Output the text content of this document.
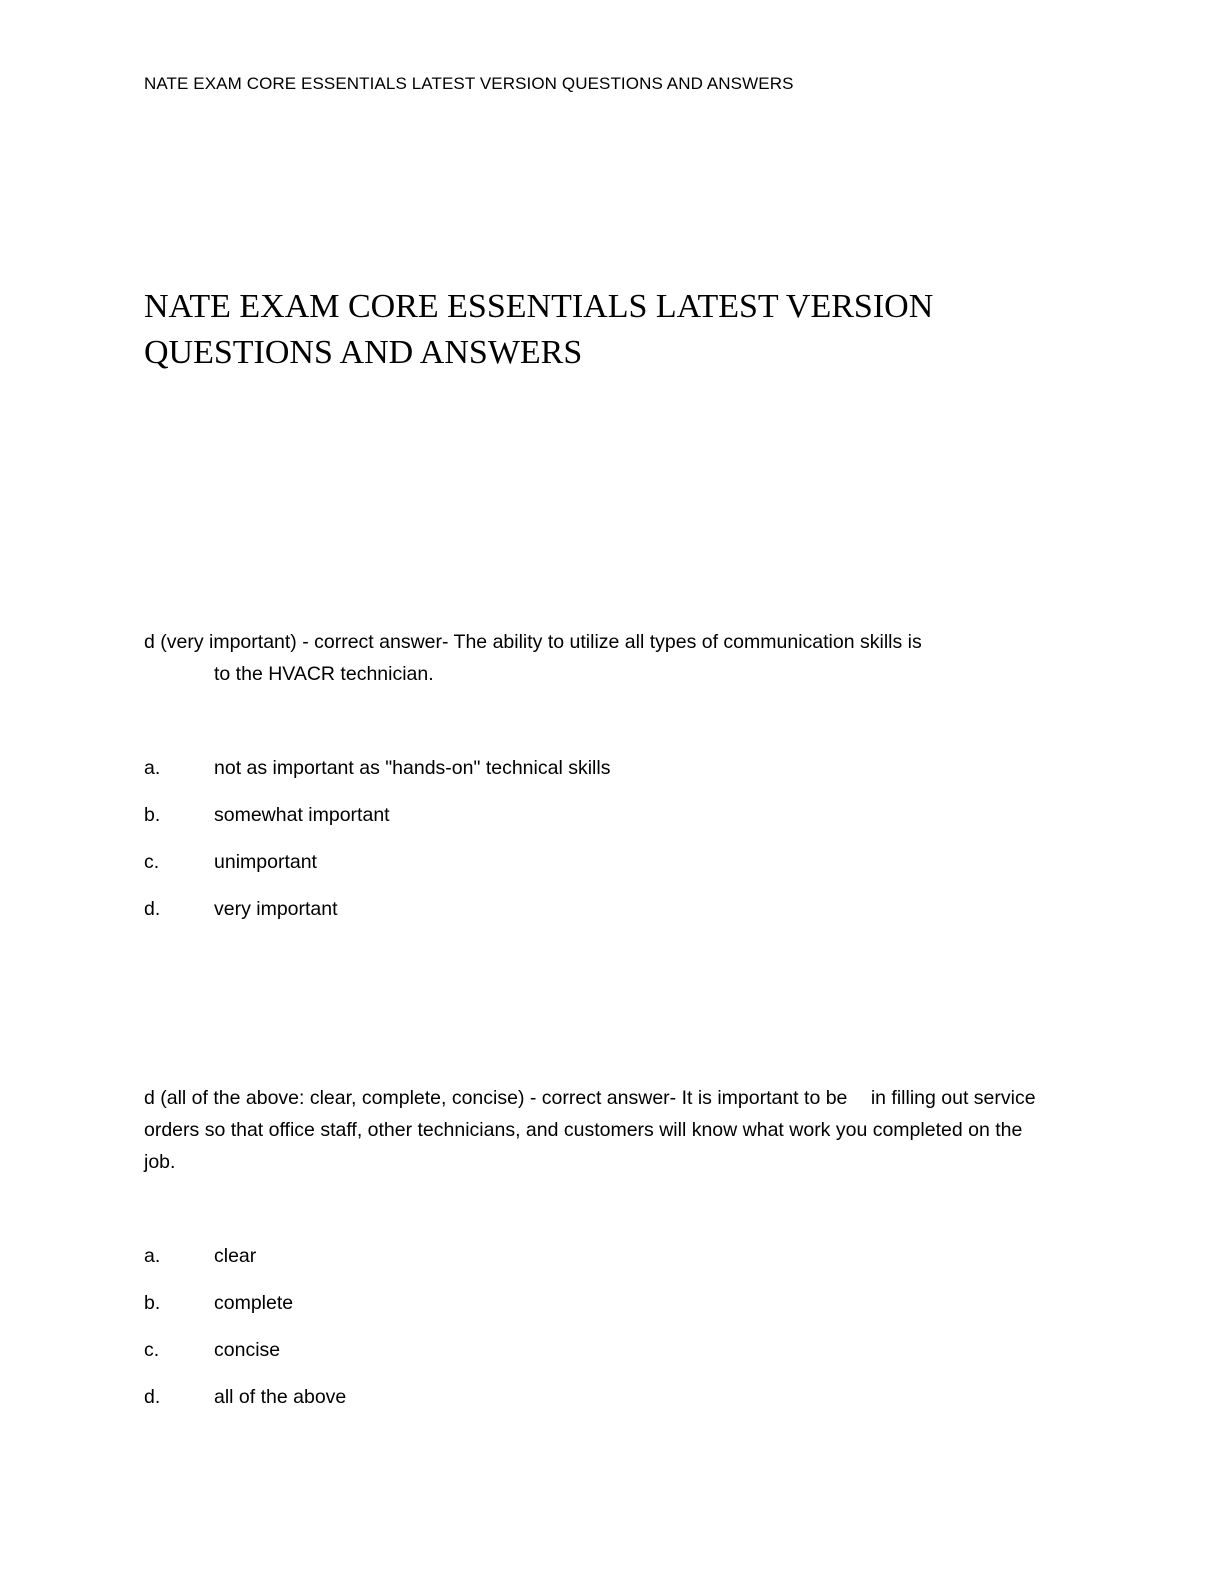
NATE EXAM CORE ESSENTIALS LATEST VERSION QUESTIONS AND ANSWERS
NATE EXAM CORE ESSENTIALS LATEST VERSION
QUESTIONS AND ANSWERS

d (very important) - correct answer- The ability to utilize all types of communication skills is
to the HVACR technician.

a.	not as important as "hands-on" technical skills
b.	somewhat important
c.	unimportant
d.	very important

d (all of the above: clear, complete, concise) - correct answer- It is important to be in filling out service orders so that office staff, other technicians, and customers will know what work you completed on the job.

a.	clear
b.	complete
c.	concise
d.	all of the above
